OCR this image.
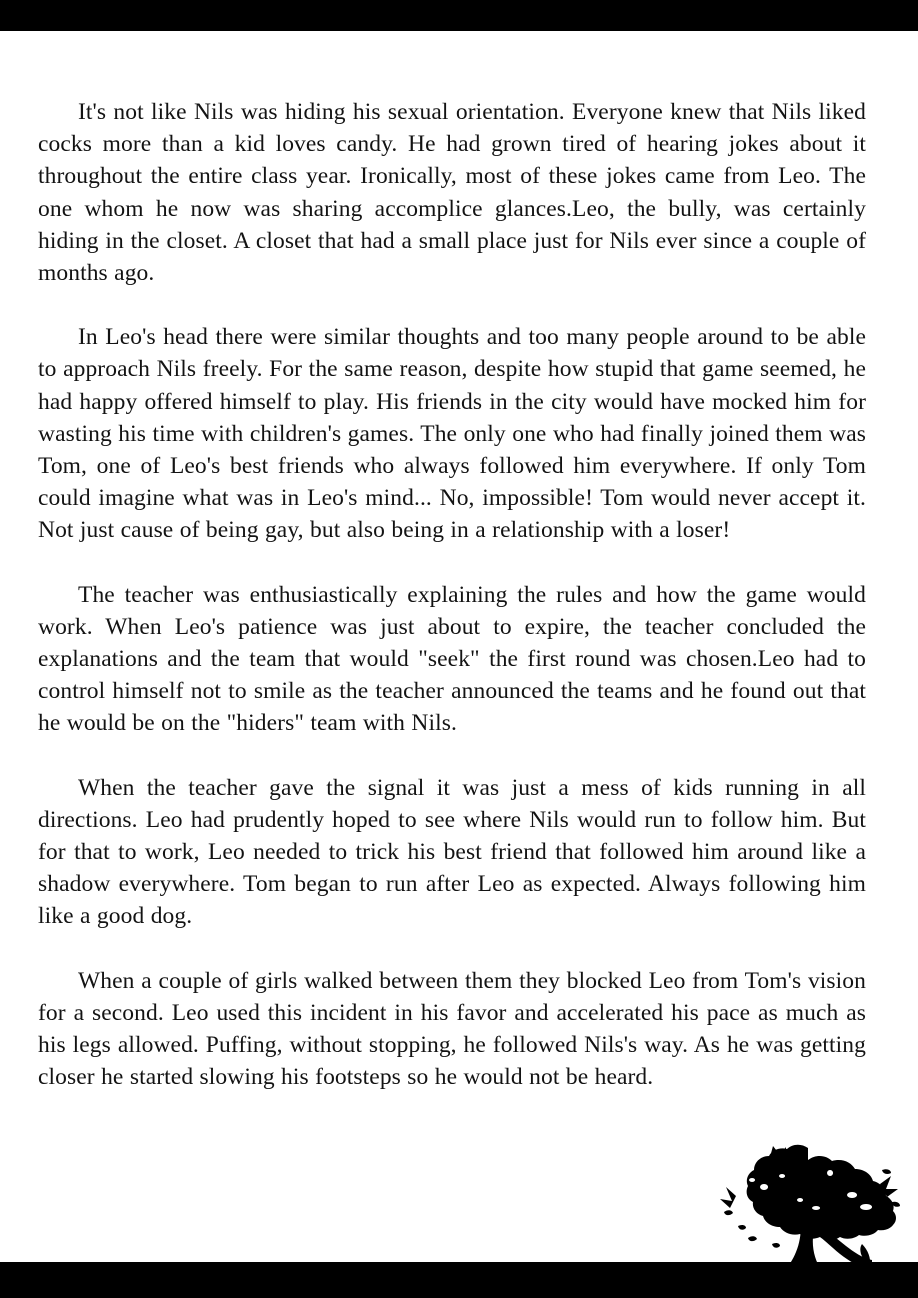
It's not like Nils was hiding his sexual orientation. Everyone knew that Nils liked cocks more than a kid loves candy. He had grown tired of hearing jokes about it throughout the entire class year. Ironically, most of these jokes came from Leo. The one whom he now was sharing accomplice glances.Leo, the bully, was certainly hiding in the closet. A closet that had a small place just for Nils ever since a couple of months ago.

In Leo's head there were similar thoughts and too many people around to be able to approach Nils freely. For the same reason, despite how stupid that game seemed, he had happy offered himself to play. His friends in the city would have mocked him for wasting his time with children's games. The only one who had finally joined them was Tom, one of Leo's best friends who always followed him everywhere. If only Tom could imagine what was in Leo's mind... No, impossible! Tom would never accept it. Not just cause of being gay, but also being in a relationship with a loser!

The teacher was enthusiastically explaining the rules and how the game would work. When Leo's patience was just about to expire, the teacher concluded the explanations and the team that would "seek" the first round was chosen.Leo had to control himself not to smile as the teacher announced the teams and he found out that he would be on the "hiders" team with Nils.

When the teacher gave the signal it was just a mess of kids running in all directions. Leo had prudently hoped to see where Nils would run to follow him. But for that to work, Leo needed to trick his best friend that followed him around like a shadow everywhere. Tom began to run after Leo as expected. Always following him like a good dog.

When a couple of girls walked between them they blocked Leo from Tom's vision for a second. Leo used this incident in his favor and accelerated his pace as much as his legs allowed. Puffing, without stopping, he followed Nils's way. As he was getting closer he started slowing his footsteps so he would not be heard.
